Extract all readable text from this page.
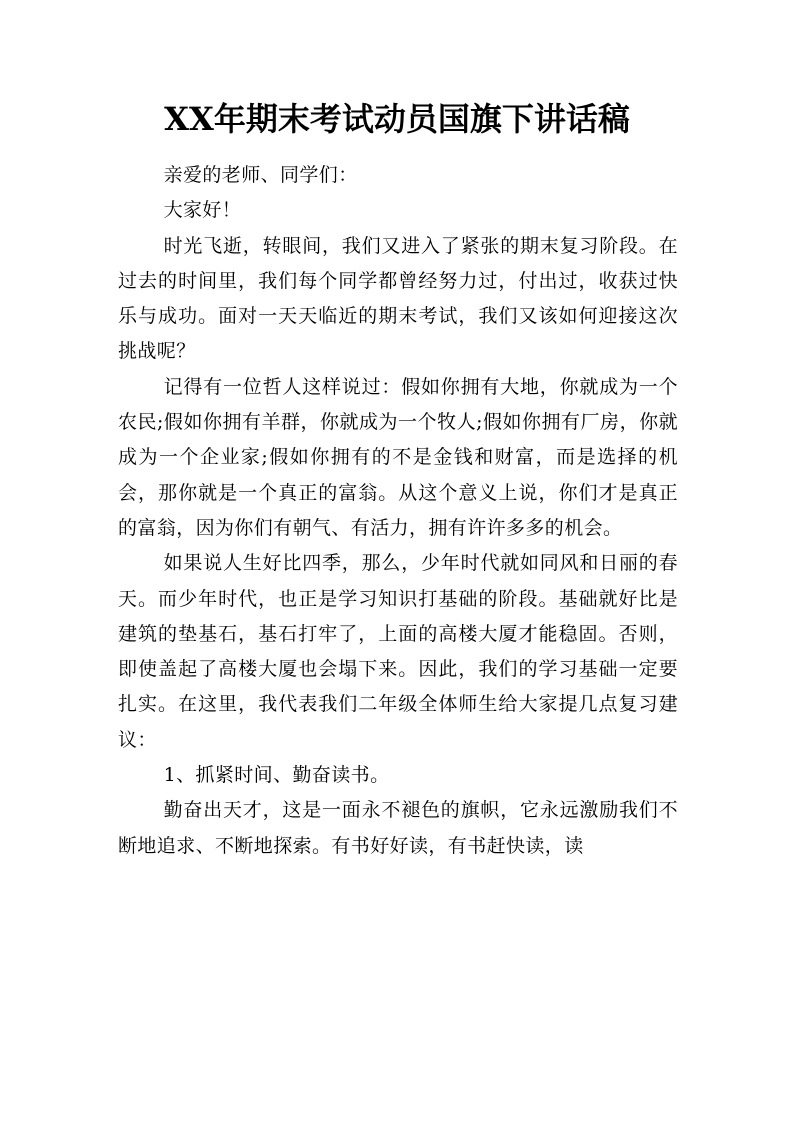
XX年期末考试动员国旗下讲话稿

亲爱的老师、同学们：

大家好！

时光飞逝，转眼间，我们又进入了紧张的期末复习阶段。在过去的时间里，我们每个同学都曾经努力过，付出过，收获过快乐与成功。面对一天天临近的期末考试，我们又该如何迎接这次挑战呢？

记得有一位哲人这样说过：假如你拥有大地，你就成为一个农民;假如你拥有羊群，你就成为一个牧人;假如你拥有厂房，你就成为一个企业家;假如你拥有的不是金钱和财富，而是选择的机会，那你就是一个真正的富翁。从这个意义上说，你们才是真正的富翁，因为你们有朝气、有活力，拥有许许多多的机会。

如果说人生好比四季，那么，少年时代就如同风和日丽的春天。而少年时代，也正是学习知识打基础的阶段。基础就好比是建筑的垫基石，基石打牢了，上面的高楼大厦才能稳固。否则，即使盖起了高楼大厦也会塌下来。因此，我们的学习基础一定要扎实。在这里，我代表我们二年级全体师生给大家提几点复习建议：

1、抓紧时间、勤奋读书。

勤奋出天才，这是一面永不褪色的旗帜，它永远激励我们不断地追求、不断地探索。有书好好读，有书赶快读，读
